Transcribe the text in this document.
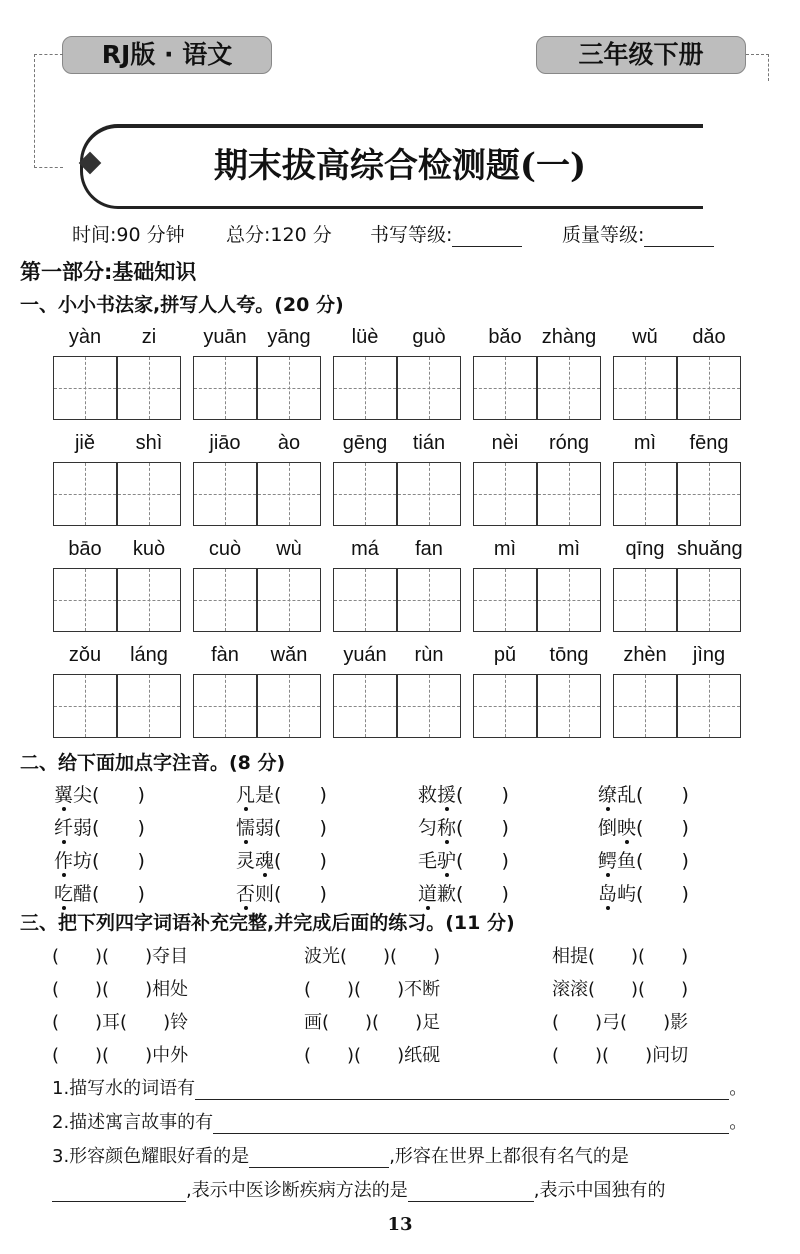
RJ版 · 语文	三年级下册
期末拔高综合检测题(一)
时间:90 分钟 总分:120 分 书写等级:	质量等级:
第一部分:基础知识
一、小小书法家,拼写人人夸。(20 分)
yàn	zi	yuān	yāng	lüè	guò	bǎo	zhàng	wǔ	dǎo
jiě	shì	jiāo	ào	gēng	tián	nèi	róng	mì	fēng
bāo	kuò	cuò	wù	má	fan	mì	mì	qīng shuǎng
zǒu	láng	fàn	wǎn	yuán	rùn	pǔ	tōng	zhèn	jìng
二、给下面加点字注音。(8 分)
翼尖(　　)	凡是(　　)	救援(　　)	缭乱(　　)
纤弱(　　)	懦弱(　　)	匀称(　　)	倒映(　　)
作坊(　　)	灵魂(　　)	毛驴(　　)	鳄鱼(　　)
吃醋(　　)	否则(　　)	道歉(　　)	岛屿(　　)
三、把下列四字词语补充完整,并完成后面的练习。(11 分)
(　　)(　　)夺目	波光(　　)(　　)	相提(　　)(　　)
(　　)(　　)相处	(　　)(　　)不断	滚滚(　　)(　　)
(　　)耳(　　)铃	画(　　)(　　)足	(　　)弓(　　)影
(　　)(　　)中外	(　　)(　　)纸砚	(　　)(　　)问切
1.描写水的词语有	。
2.描述寓言故事的有	。
3.形容颜色耀眼好看的是	,形容在世界上都很有名气的是
,表示中医诊断疾病方法的是	,表示中国独有的
13
